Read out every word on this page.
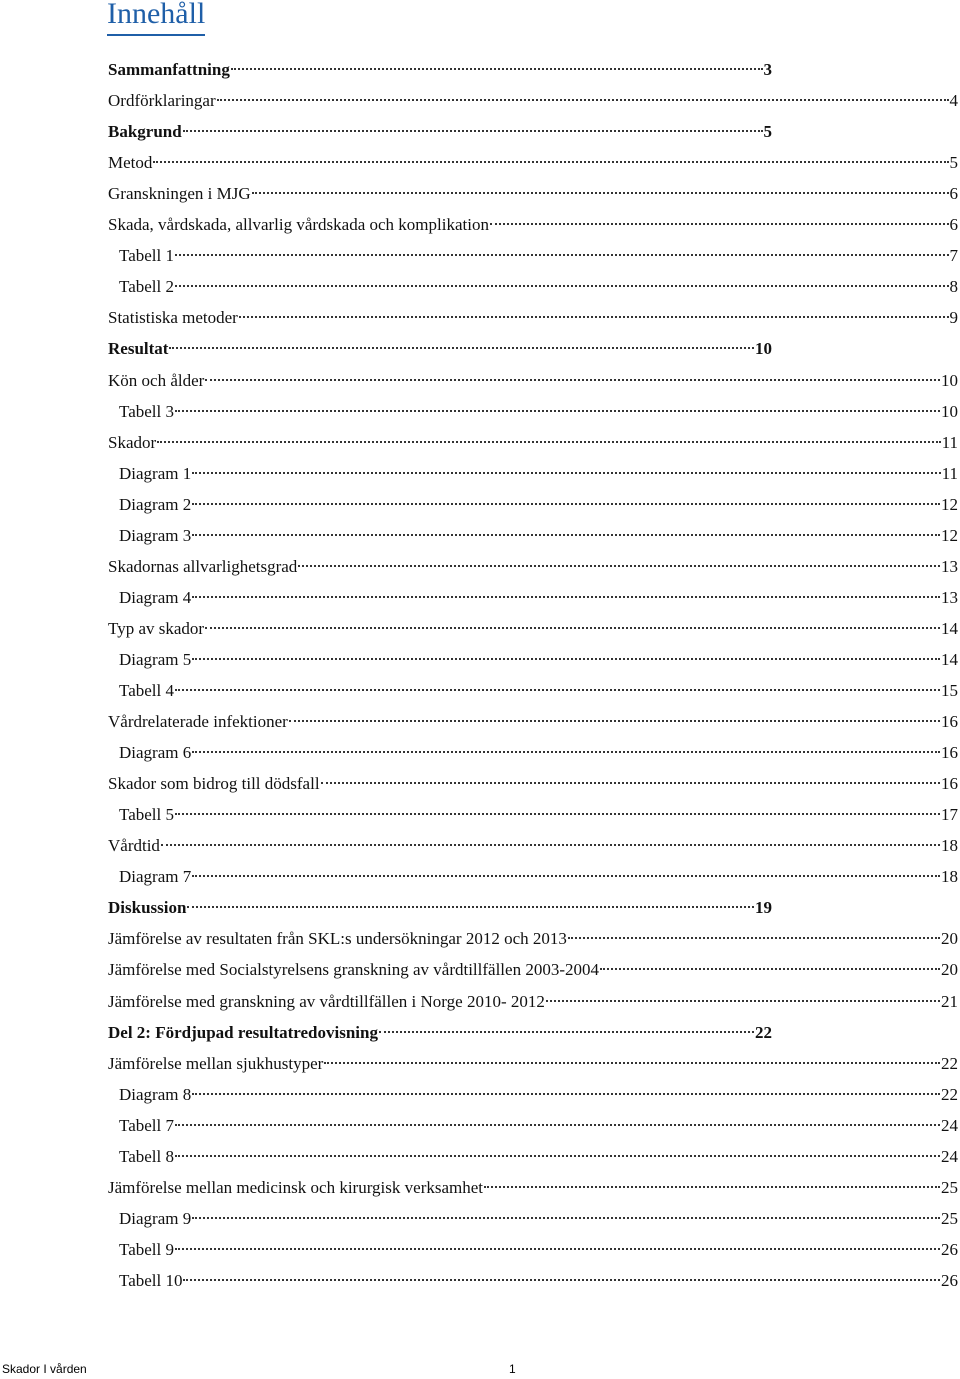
Innehåll
Sammanfattning	3
Ordförklaringar	4
Bakgrund	5
Metod	5
Granskningen i MJG	6
Skada, vårdskada, allvarlig vårdskada och komplikation	6
Tabell 1	7
Tabell 2	8
Statistiska metoder	9
Resultat	10
Kön och ålder	10
Tabell 3	10
Skador	11
Diagram 1	11
Diagram 2	12
Diagram 3	12
Skadornas allvarlighetsgrad	13
Diagram 4	13
Typ av skador	14
Diagram 5	14
Tabell 4	15
Vårdrelaterade infektioner	16
Diagram 6	16
Skador som bidrog till dödsfall	16
Tabell 5	17
Vårdtid	18
Diagram 7	18
Diskussion	19
Jämförelse av resultaten från SKL:s undersökningar 2012 och 2013	20
Jämförelse med Socialstyrelsens granskning av vårdtillfällen 2003-2004	20
Jämförelse med granskning av vårdtillfällen i Norge 2010- 2012	21
Del 2: Fördjupad resultatredovisning	22
Jämförelse mellan sjukhustyper	22
Diagram 8	22
Tabell 7	24
Tabell 8	24
Jämförelse mellan medicinsk och kirurgisk verksamhet	25
Diagram 9	25
Tabell 9	26
Tabell 10	26
Skador I vården	1
